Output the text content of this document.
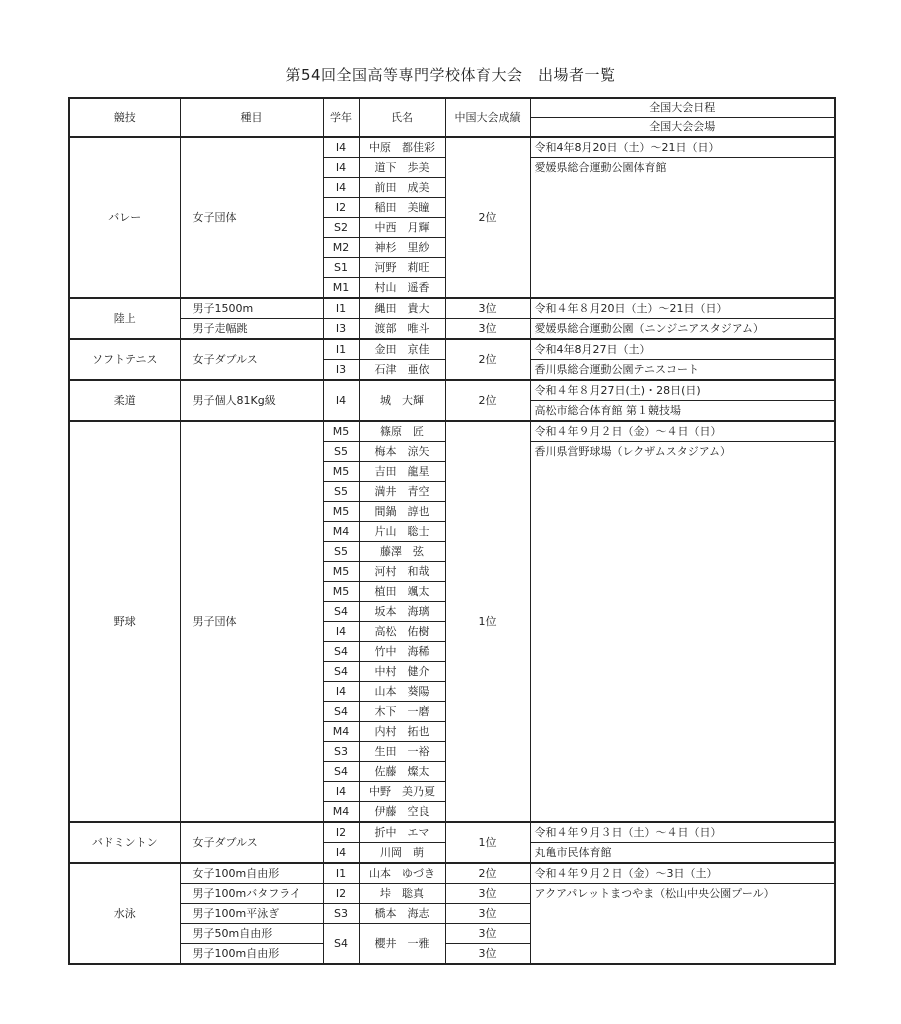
第54回全国高等専門学校体育大会　出場者一覧
競技	種目	学年	氏名	中国大会成績	全国大会日程
					全国大会会場
バレー	女子団体	I4	中原　都佳彩	2位	令和4年8月20日（土）～21日（日）
		I4	道下　歩美		愛媛県総合運動公園体育館
		I4	前田　成美		
		I2	稲田　美瞳		
		S2	中西　月輝		
		M2	神杉　里紗		
		S1	河野　莉旺		
		M1	村山　遥香		
陸上	男子1500m	I1	縄田　貴大	3位	令和４年８月20日（土）～21日（日）
	男子走幅跳	I3	渡部　唯斗	3位	愛媛県総合運動公園（ニンジニアスタジアム）
ソフトテニス	女子ダブルス	I1	金田　京佳	2位	令和4年8月27日（土）
		I3	石津　亜依		香川県総合運動公園テニスコート
柔道	男子個人81Kg級	I4	城　大輝	2位	令和４年８月27日(土)・28日(日)
					高松市総合体育館 第１競技場
野球	男子団体	M5	篠原　匠	1位	令和４年９月２日（金）～４日（日）
		S5	梅本　涼矢		香川県営野球場（レクザムスタジアム）
		M5	吉田　龍星		
		S5	満井　青空		
		M5	間鍋　諄也		
		M4	片山　聡士		
		S5	藤澤　弦		
		M5	河村　和哉		
		M5	植田　颯太		
		S4	坂本　海璃		
		I4	高松　佑樹		
		S4	竹中　海稀		
		S4	中村　健介		
		I4	山本　葵陽		
		S4	木下　一磨		
		M4	内村　拓也		
		S3	生田　一裕		
		S4	佐藤　燦太		
		I4	中野　美乃夏		
		M4	伊藤　空良		
バドミントン	女子ダブルス	I2	折中　エマ	1位	令和４年９月３日（土）～４日（日）
		I4	川岡　萌		丸亀市民体育館
水泳	女子100m自由形	I1	山本　ゆづき	2位	令和４年９月２日（金）～3日（土）
	男子100mバタフライ	I2	垰　聡真	3位	アクアパレットまつやま（松山中央公園プール）
	男子100m平泳ぎ	S3	橋本　海志	3位	
	男子50m自由形	S4	櫻井　一雅	3位	
	男子100m自由形			3位	
